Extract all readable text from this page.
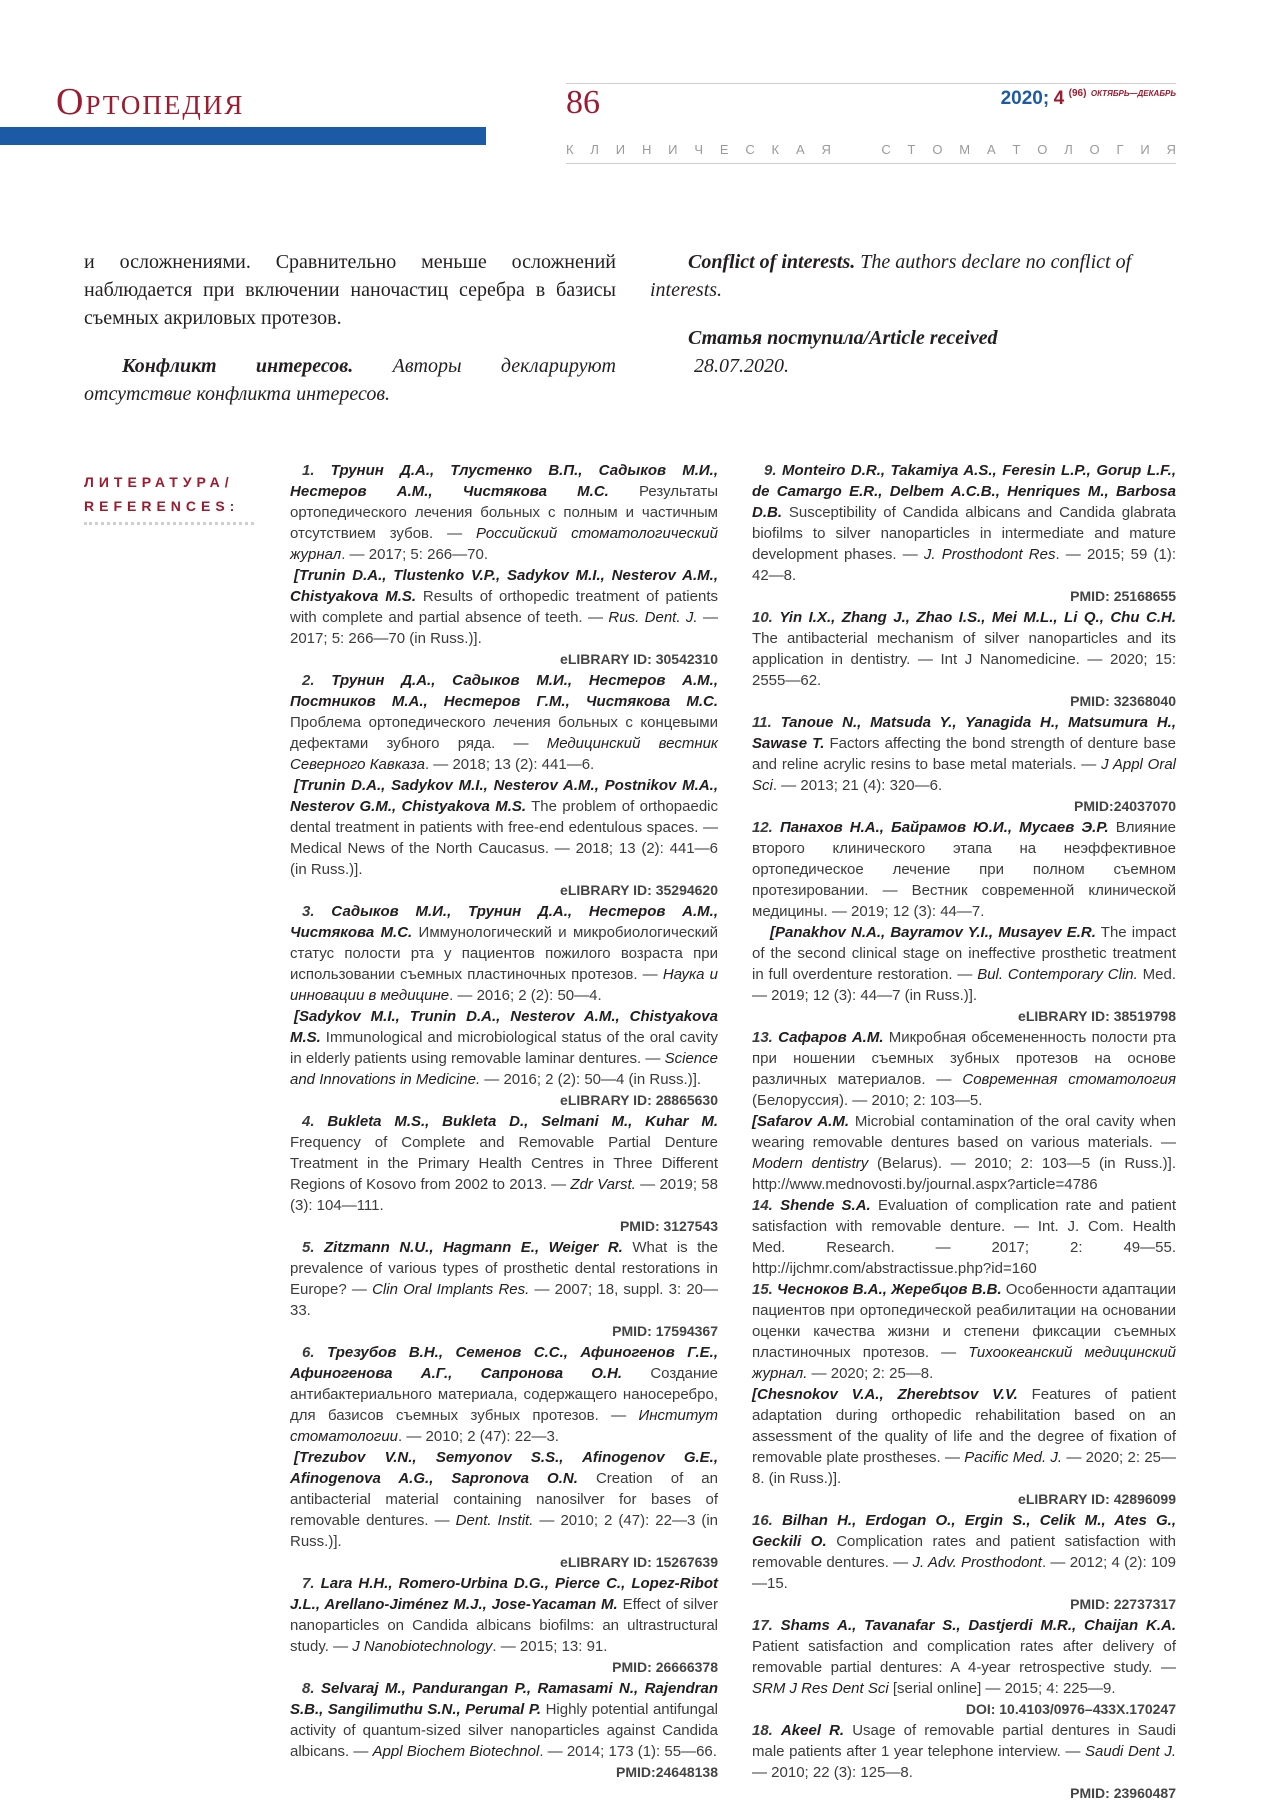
Ортопедия	86	2020; 4 $^{(96)}$ $^{ОКТЯБРЬ—ДЕКАБРЬ}$
К Л И Н И Ч Е С К А Я	С Т О М А Т О Л О Г И Я

и осложнениями. Сравнительно меньше осложнений наблюдается при включении наночастиц серебра в базисы съемных акриловых протезов.

Конфликт интересов. Авторы декларируют отсутствие конфликта интересов.

Conflict of interests. The authors declare no conflict of interests.

Статья поступила/Article received

28.07.2020.

ЛИТЕРАТУРА/
REFERENCES:

1. Трунин Д.А., Тлустенко В.П., Садыков М.И., Нестеров А.М., Чистякова М.С. Результаты ортопедического лечения больных с полным и частичным отсутствием зубов. — Российский стоматологический журнал. — 2017; 5: 266—70.

[Trunin D.A., Tlustenko V.P., Sadykov M.I., Nesterov A.M., Chistyakova M.S. Results of orthopedic treatment of patients with complete and partial absence of teeth. — Rus. Dent. J. — 2017; 5: 266—70 (in Russ.)].

eLIBRARY ID: 30542310

2. Трунин Д.А., Садыков М.И., Нестеров А.М., Постников М.А., Нестеров Г.М., Чистякова М.С. Проблема ортопедического лечения больных с концевыми дефектами зубного ряда. — Медицинский вестник Северного Кавказа. — 2018; 13 (2): 441—6.

[Trunin D.A., Sadykov M.I., Nesterov A.M., Postnikov M.A., Nesterov G.M., Chistyakova M.S. The problem of orthopaedic dental treatment in patients with free-end edentulous spaces. — Medical News of the North Caucasus. — 2018; 13 (2): 441—6 (in Russ.)].

eLIBRARY ID: 35294620

3. Садыков М.И., Трунин Д.А., Нестеров А.М., Чистякова М.С. Иммунологический и микробиологический статус полости рта у пациентов пожилого возраста при использовании съемных пластиночных протезов. — Наука и инновации в медицине. — 2016; 2 (2): 50—4.

[Sadykov M.I., Trunin D.A., Nesterov A.M., Chistyakova M.S. Immunological and microbiological status of the oral cavity in elderly patients using removable laminar dentures. — Science and Innovations in Medicine. — 2016; 2 (2): 50—4 (in Russ.)].

eLIBRARY ID: 28865630

4. Bukleta M.S., Bukleta D., Selmani M., Kuhar M. Frequency of Complete and Removable Partial Denture Treatment in the Primary Health Centres in Three Different Regions of Kosovo from 2002 to 2013. — Zdr Varst. — 2019; 58 (3): 104—111.

PMID: 3127543

5. Zitzmann N.U., Hagmann E., Weiger R. What is the prevalence of various types of prosthetic dental restorations in Europe? — Clin Oral Implants Res. — 2007; 18, suppl. 3: 20—33.

PMID: 17594367

6. Трезубов В.Н., Семенов С.С., Афиногенов Г.Е., Афиногенова А.Г., Сапронова О.Н. Создание антибактериального материала, содержащего наносеребро, для базисов съемных зубных протезов. — Институт стоматологии. — 2010; 2 (47): 22—3.

[Trezubov V.N., Semyonov S.S., Afinogenov G.E., Afinogenova A.G., Sapronova O.N. Creation of an antibacterial material containing nanosilver for bases of removable dentures. — Dent. Instit. — 2010; 2 (47): 22—3 (in Russ.)].

eLIBRARY ID: 15267639

7. Lara H.H., Romero-Urbina D.G., Pierce C., Lopez-Ribot J.L., Arellano-Jiménez M.J., Jose-Yacaman M. Effect of silver nanoparticles on Candida albicans biofilms: an ultrastructural study. — J Nanobiotechnology. — 2015; 13: 91.

PMID: 26666378

8. Selvaraj M., Pandurangan P., Ramasami N., Rajendran S.B., Sangilimuthu S.N., Perumal P. Highly potential antifungal activity of quantum-sized silver nanoparticles against Candida albicans. — Appl Biochem Biotechnol. — 2014; 173 (1): 55—66.

PMID:24648138

9. Monteiro D.R., Takamiya A.S., Feresin L.P., Gorup L.F., de Camargo E.R., Delbem A.C.B., Henriques M., Barbosa D.B. Susceptibility of Candida albicans and Candida glabrata biofilms to silver nanoparticles in intermediate and mature development phases. — J. Prosthodont Res. — 2015; 59 (1): 42—8.

PMID: 25168655

10. Yin I.X., Zhang J., Zhao I.S., Mei M.L., Li Q., Chu C.H. The antibacterial mechanism of silver nanoparticles and its application in dentistry. — Int J Nanomedicine. — 2020; 15: 2555—62.

PMID: 32368040

11. Tanoue N., Matsuda Y., Yanagida H., Matsumura H., Sawase T. Factors affecting the bond strength of denture base and reline acrylic resins to base metal materials. — J Appl Oral Sci. — 2013; 21 (4): 320—6.

PMID:24037070

12. Панахов Н.А., Байрамов Ю.И., Мусаев Э.Р. Влияние второго клинического этапа на неэффективное ортопедическое лечение при полном съемном протезировании. — Вестник современной клинической медицины. — 2019; 12 (3): 44—7.

[Panakhov N.A., Bayramov Y.I., Musayev E.R. The impact of the second clinical stage on ineffective prosthetic treatment in full overdenture restoration. — Bul. Contemporary Clin. Med. — 2019; 12 (3): 44—7 (in Russ.)].

eLIBRARY ID: 38519798

13. Сафаров А.М. Микробная обсемененность полости рта при ношении съемных зубных протезов на основе различных материалов. — Современная стоматология (Белоруссия). — 2010; 2: 103—5.

[Safarov A.M. Microbial contamination of the oral cavity when wearing removable dentures based on various materials. — Modern dentistry (Belarus). — 2010; 2: 103—5 (in Russ.)]. http://www.mednovosti.by/journal.aspx?article=4786

14. Shende S.A. Evaluation of complication rate and patient satisfaction with removable denture. — Int. J. Com. Health Med. Research. — 2017; 2: 49—55. http://ijchmr.com/abstractissue.php?id=160

15. Чесноков В.А., Жеребцов В.В. Особенности адаптации пациентов при ортопедической реабилитации на основании оценки качества жизни и степени фиксации съемных пластиночных протезов. — Тихоокеанский медицинский журнал. — 2020; 2: 25—8.

[Chesnokov V.A., Zherebtsov V.V. Features of patient adaptation during orthopedic rehabilitation based on an assessment of the quality of life and the degree of fixation of removable plate prostheses. — Pacific Med. J. — 2020; 2: 25—8. (in Russ.)].

eLIBRARY ID: 42896099

16. Bilhan H., Erdogan O., Ergin S., Celik M., Ates G., Geckili O. Complication rates and patient satisfaction with removable dentures. — J. Adv. Prosthodont. — 2012; 4 (2): 109—15.

PMID: 22737317

17. Shams A., Tavanafar S., Dastjerdi M.R., Chaijan K.A. Patient satisfaction and complication rates after delivery of removable partial dentures: A 4-year retrospective study. — SRM J Res Dent Sci [serial online] — 2015; 4: 225—9.

DOI: 10.4103/0976–433X.170247

18. Akeel R. Usage of removable partial dentures in Saudi male patients after 1 year telephone interview. — Saudi Dent J. — 2010; 22 (3): 125—8.

PMID: 23960487
